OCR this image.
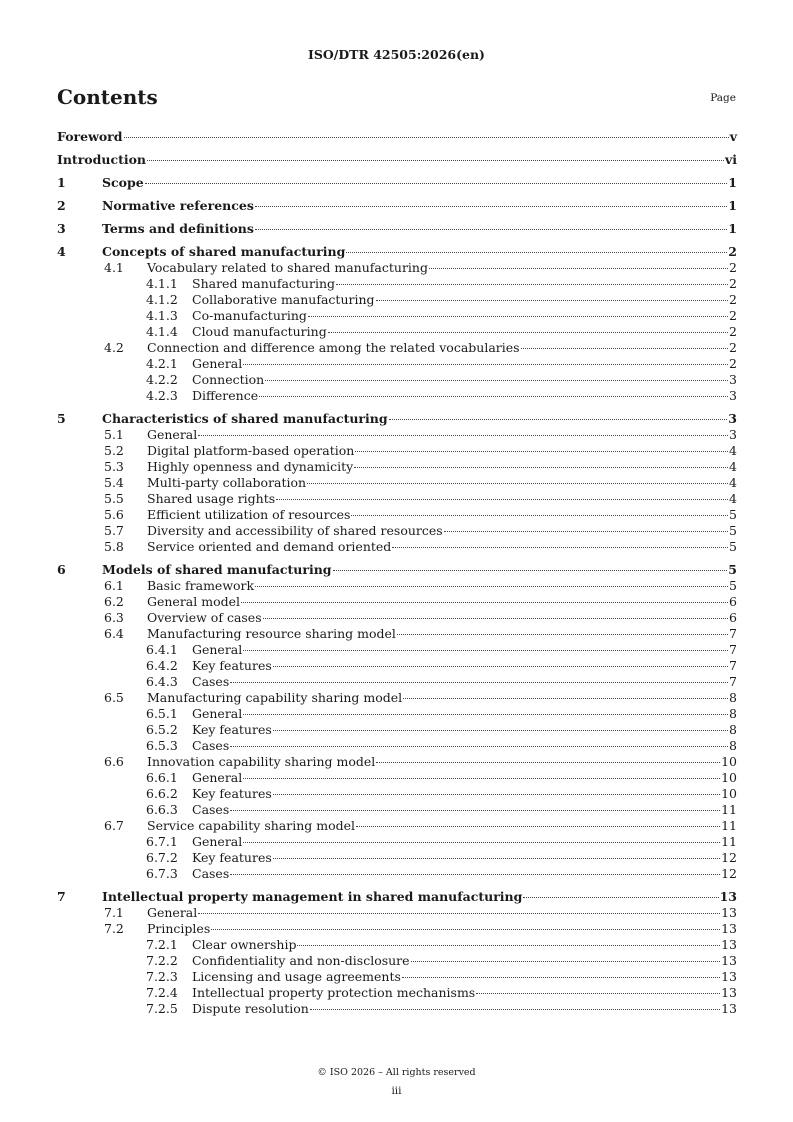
ISO/DTR 42505:2026(en)
Contents	Page
Foreword	v
Introduction	vi
1	Scope	1
2	Normative references	1
3	Terms and definitions	1
4	Concepts of shared manufacturing	2
4.1 Vocabulary related to shared manufacturing	2
4.1.1 Shared manufacturing	2
4.1.2 Collaborative manufacturing	2
4.1.3 Co-manufacturing	2
4.1.4 Cloud manufacturing	2
4.2 Connection and difference among the related vocabularies	2
4.2.1 General	2
4.2.2 Connection	3
4.2.3 Difference	3
5	Characteristics of shared manufacturing	3
5.1 General	3
5.2 Digital platform-based operation	4
5.3 Highly openness and dynamicity	4
5.4 Multi-party collaboration	4
5.5 Shared usage rights	4
5.6 Efficient utilization of resources	5
5.7 Diversity and accessibility of shared resources	5
5.8 Service oriented and demand oriented	5
6	Models of shared manufacturing	5
6.1 Basic framework	5
6.2 General model	6
6.3 Overview of cases	6
6.4 Manufacturing resource sharing model	7
6.4.1 General	7
6.4.2 Key features	7
6.4.3 Cases	7
6.5 Manufacturing capability sharing model	8
6.5.1 General	8
6.5.2 Key features	8
6.5.3 Cases	8
6.6 Innovation capability sharing model	10
6.6.1 General	10
6.6.2 Key features	10
6.6.3 Cases	11
6.7 Service capability sharing model	11
6.7.1 General	11
6.7.2 Key features	12
6.7.3 Cases	12
7	Intellectual property management in shared manufacturing	13
7.1 General	13
7.2 Principles	13
7.2.1 Clear ownership	13
7.2.2 Confidentiality and non-disclosure	13
7.2.3 Licensing and usage agreements	13
7.2.4 Intellectual property protection mechanisms	13
7.2.5 Dispute resolution	13
© ISO 2026 – All rights reserved
iii
